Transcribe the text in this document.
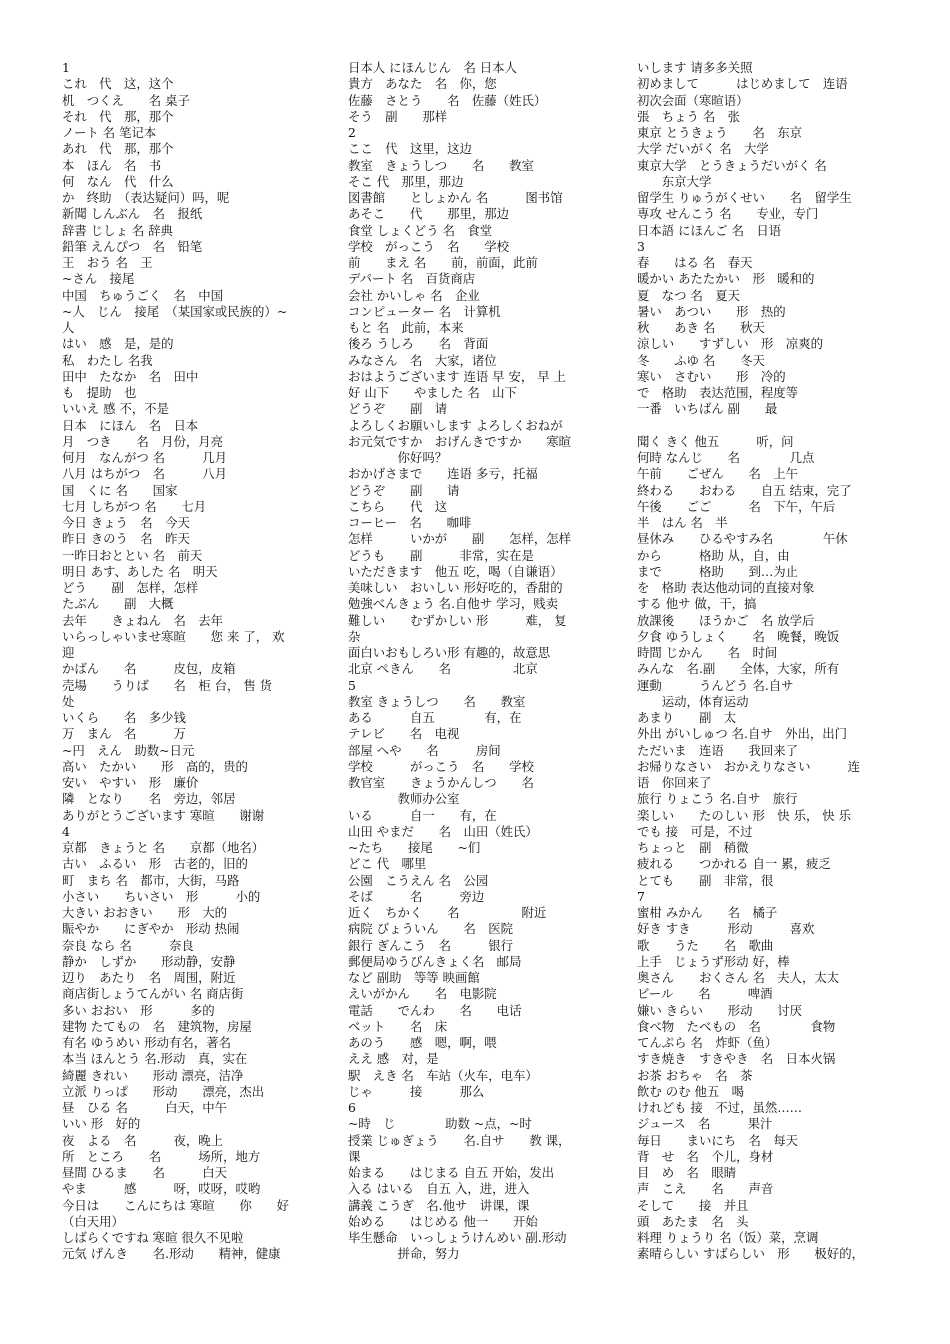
1
これ　代　这，这个
机　つくえ　　名 桌子
それ　代　那，那个
ノート 名 笔记本
あれ　代　那，那个
本　ほん　名　书
何　なん　代　什么
か　终助　（表达疑问）吗，呢
新聞 しんぶん　名　报纸
辞書 じしょ 名 辞典
鉛筆 えんぴつ　名　铅笔
王　おう 名　王
~さん　接尾
中国　ちゅうごく　名　中国
~人　じん　接尾　（某国家或民族的）~
人
はい　感　是，是的
私　わたし 名我
田中　たなか　名　田中
も　提助　也
いいえ 感 不，不是
日本　にほん　名　日本
月　つき　　名　月份，月亮
何月　なんがつ 名　　　几月
八月 はちがつ　名　　　八月
国　くに 名　　国家
七月 しちがつ 名　　七月
今日 きょう　名　今天
昨日 きのう　名　昨天
一昨日おととい 名　前天
明日 あす、あした 名　明天
どう　　副　怎样，怎样
たぶん　　副　大概
去年　　きょねん　名　去年
いらっしゃいませ寒暄　　您 来 了， 欢
迎
かばん　　名　　　皮包，皮箱
売場　　うりば　　名　柜 台， 售 货
处
いくら　　名　多少钱
万　まん　名　　　万
~円　えん　助数~日元
高い　たかい　　形　高的，贵的
安い　やすい　形　廉价
隣　となり　　名　旁边，邻居
ありがとうございます 寒暄　　谢谢
4
京都　きょうと 名　　京都（地名）
古い　ふるい　形　古老的，旧的
町　まち 名　都市，大街，马路
小さい　　ちいさい　形　　　小的
大きい おおきい　　形　大的
賑やか　　にぎやか　形动 热闹
奈良 なら 名　　　奈良
静か　しずか　　形动静，安静
辺り　あたり　名　周围，附近
商店街しょうてんがい 名 商店街
多い おおい　形　　　多的
建物 たてもの　名　建筑物，房屋
有名 ゆうめい 形动有名，著名
本当 ほんとう 名.形动　真，实在
綺麗 きれい　　形动 漂亮，洁净
立派 りっぱ　　形动　　漂亮，杰出
昼　ひる 名　　　白天，中午
いい 形　好的
夜　よる　名　　　夜，晚上
所　ところ　　名　　　场所，地方
昼間 ひるま　　名　　　白天
やま　　　感　　　呀，哎呀，哎哟
今日は　　こんにちは 寒暄　　你　　好
（白天用）
しばらくですね 寒暄 很久不见啦
元気 げんき　　名.形动　　精神，健康
日本人 にほんじん　名 日本人
貴方　あなた　名　你，您
佐藤　さとう　　名　佐藤（姓氏）
そう　副　　那样
2
ここ　代　这里，这边
教室　きょうしつ　　名　　教室
そこ 代　那里，那边
図書館　　としょかん 名　　　图书馆
あそこ　　代　　那里，那边
食堂 しょくどう 名　食堂
学校　がっこう　名　　学校
前　　まえ 名　　前，前面，此前
デパート 名　百货商店
会社 かいしゃ 名　企业
コンピューター 名　计算机
もと 名　此前，本来
後ろ うしろ　　名　背面
みなさん　名　大家，诸位
おはようございます 连语 早 安， 早 上
好 山下　　やました 名　山下
どうぞ　　副　请
よろしくお願いします よろしくおねが
お元気ですか　おげんきですか　　寒暄
　　　　你好吗？
おかげさまで　　连语 多亏，托福
どうぞ　　副　　请
こちら　　代　这
コーヒー　名　　咖啡
怎样　　　いかが　　副　　怎样，怎样
どうも　　副　　　非常，实在是
いただきます　他五 吃，喝（自谦语）
美味しい　おいしい 形好吃的，香甜的
勉強べんきょう 名.自他サ 学习，贱卖
難しい　　むずかしい 形　　　难， 复
杂
面白いおもしろい形 有趣的，故意思
北京 ぺきん　　名　　　　　北京
5
教室 きょうしつ　　名　　教室
ある　　　自五　　　　有，在
テレビ　　名　电视
部屋 へや　　名　　　房间
学校　　　がっこう　名　　学校
教官室　　きょうかんしつ　　名
　　　　教师办公室
いる　　　自一　　有，在
山田 やまだ　　名　山田（姓氏）
~たち　　接尾　　~们
どこ 代　哪里
公園　こうえん 名　公园
そば　　　名　　　旁边
近く　ちかく　　名　　　　　附近
病院 びょういん　　名　医院
銀行 ぎんこう　名　　　银行
郵便局ゆうびんきょく名　邮局
など 副助　等等 映画館
えいがかん　　名　电影院
電話　　でんわ　　名　　电话
ベット　　名　床
あのう　　感　嗯，啊，喂
ええ 感　对，是
駅　えき 名　车站（火车，电车）
じゃ　　　接　　　那么
6
~時　じ　　　　助数 ~点，~时
授業 じゅぎょう　　名.自サ　　教 课，
课
始まる　　はじまる 自五 开始，发出
入る はいる　自五 入，进，进入
講義 こうぎ　名.他サ　讲课，课
始める　　はじめる 他一　　开始
毕生懸命　いっしょうけんめい 副.形动
　　　　拼命，努力
いします 请多多关照
初めまして　　　はじめまして　连语
初次会面（寒暄语）
張　ちょう 名　张
東京 とうきょう　　名　东京
大学 だいがく 名　大学
東京大学　とうきょうだいがく 名
　　东京大学
留学生 りゅうがくせい　　名　留学生
専攻 せんこう 名　　专业，专门
日本語 にほんご 名　日语
3
春　　はる 名　春天
暖かい あたたかい　形　暖和的
夏　なつ 名　夏天
暑い　あつい　　形　热的
秋　　あき 名　　秋天
涼しい　　すずしい　形　凉爽的
冬　　ふゆ 名　　冬天
寒い　さむい　　形　冷的
で　格助　表达范围，程度等
一番　いちばん 副　　最
聞く きく 他五　　　听，问
何時 なんじ　　名　　　　几点
午前　　ごぜん　　名　上午
終わる　　おわる　　自五 结束，完了
午後　　ごご　　　名　下午，午后
半　はん 名　半
昼休み　　ひるやすみ名　　　　午休
から　　　格助 从，自，由
まで　　　格助　　到…为止
を　格助 表达他动词的直接对象
する 他サ 做，干，搞
放課後　　ほうかご　名 放学后
夕食 ゆうしょく　　名　晚餐，晚饭
時間 じかん　　名　时间
みんな　名.副　　全体，大家，所有
運動　　　うんどう 名.自サ
　　运动，体育运动
あまり　　副　太
外出 がいしゅつ 名.自サ　外出，出门
ただいま　连语　　我回来了
お帰りなさい　おかえりなさい　　　连
语　你回来了
旅行 りょこう 名.自サ　旅行
楽しい　　たのしい 形　快 乐， 快 乐
でも 接　可是，不过
ちょっと　副　稍微
疲れる　　つかれる 自一 累，疲乏
とても　　副　非常，很
7
蜜柑 みかん　　名　橘子
好き すき　　　形动　　　喜欢
歌　　うた　　名　歌曲
上手　じょうず形动 好，棒
奥さん　　おくさん 名　夫人，太太
ビール　　名　　　啤酒
嫌い きらい　　形动　　讨厌
食べ物　たべもの　名　　　　食物
てんぷら 名　炸虾（鱼）
すき焼き　すきやき　名　日本火锅
お茶 おちゃ　名　茶
飲む のむ 他五　喝
けれども 接　不过，虽然……
ジュース　名　　　果汁
毎日　　まいにち　名　每天
背　せ　名　个儿，身材
目　め　名　眼睛
声　こえ　　名　　声音
そして　　接　并且
頭　あたま　名　头
料理 りょうり 名（饭）菜，烹调
素晴らしい すばらしい　形　　极好的，
